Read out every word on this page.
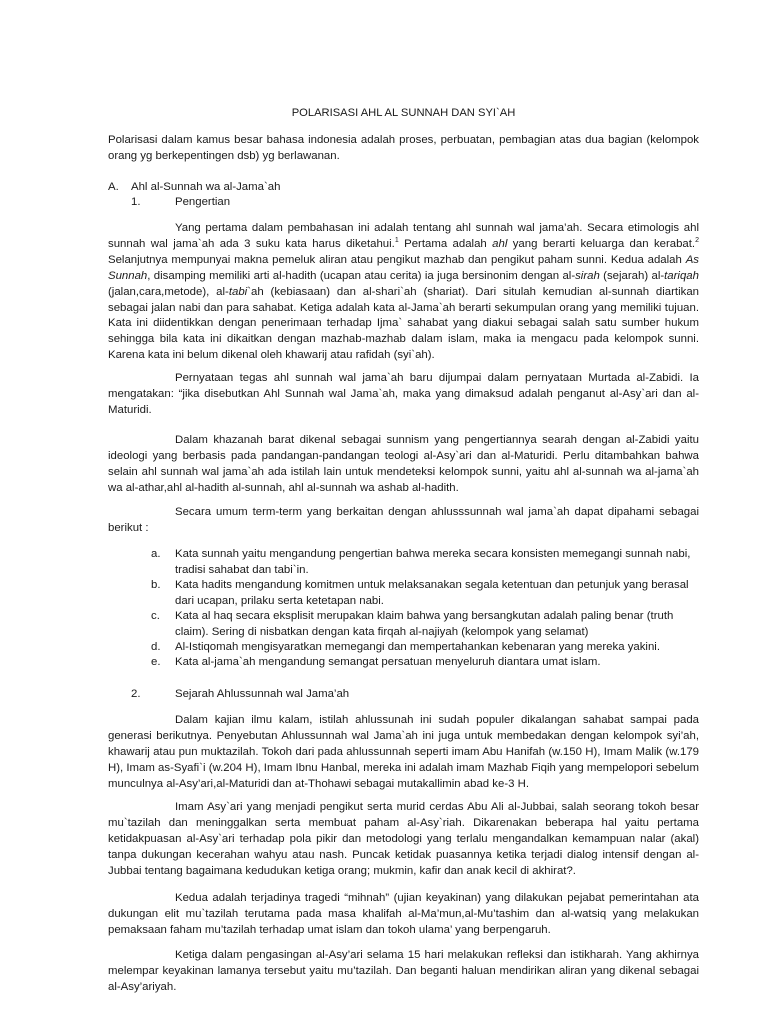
POLARISASI AHL AL SUNNAH DAN SYI`AH

Polarisasi dalam kamus besar bahasa indonesia adalah proses, perbuatan, pembagian atas dua bagian (kelompok orang yg berkepentingen dsb) yg berlawanan.

A. Ahl al-Sunnah wa al-Jama`ah
1.	Pengertian

Yang pertama dalam pembahasan ini adalah tentang ahl sunnah wal jama’ah. Secara etimologis ahl sunnah wal jama`ah ada 3 suku kata harus diketahui.$^1$ Pertama adalah ahl yang berarti keluarga dan kerabat.$^2$ Selanjutnya mempunyai makna pemeluk aliran atau pengikut mazhab dan pengikut paham sunni. Kedua adalah As Sunnah, disamping memiliki arti al-hadith (ucapan atau cerita) ia juga bersinonim dengan al-sirah (sejarah) al-tariqah (jalan,cara,metode), al-tabi`ah (kebiasaan) dan al-shari`ah (shariat). Dari situlah kemudian al-sunnah diartikan sebagai jalan nabi dan para sahabat. Ketiga adalah kata al-Jama`ah berarti sekumpulan orang yang memiliki tujuan. Kata ini diidentikkan dengan penerimaan terhadap Ijma` sahabat yang diakui sebagai salah satu sumber hukum sehingga bila kata ini dikaitkan dengan mazhab-mazhab dalam islam, maka ia mengacu pada kelompok sunni. Karena kata ini belum dikenal oleh khawarij atau rafidah (syi`ah).

Pernyataan tegas ahl sunnah wal jama`ah baru dijumpai dalam pernyataan Murtada al-Zabidi. Ia mengatakan: “jika disebutkan Ahl Sunnah wal Jama`ah, maka yang dimaksud adalah penganut al-Asy`ari dan al-Maturidi.

Dalam khazanah barat dikenal sebagai sunnism yang pengertiannya searah dengan al-Zabidi yaitu ideologi yang berbasis pada pandangan-pandangan teologi al-Asy`ari dan al-Maturidi. Perlu ditambahkan bahwa selain ahl sunnah wal jama`ah ada istilah lain untuk mendeteksi kelompok sunni, yaitu ahl al-sunnah wa al-jama`ah wa al-athar,ahl al-hadith al-sunnah, ahl al-sunnah wa ashab al-hadith.

Secara umum term-term yang berkaitan dengan ahlusssunnah wal jama`ah dapat dipahami sebagai berikut :

a. Kata sunnah yaitu mengandung pengertian bahwa mereka secara konsisten memegangi sunnah nabi, tradisi sahabat dan tabi`in.
b. Kata hadits mengandung komitmen untuk melaksanakan segala ketentuan dan petunjuk yang berasal dari ucapan, prilaku serta ketetapan nabi.
c. Kata al haq secara eksplisit merupakan klaim bahwa yang bersangkutan adalah paling benar (truth claim). Sering di nisbatkan dengan kata firqah al-najiyah (kelompok yang selamat)
d. Al-Istiqomah mengisyaratkan memegangi dan mempertahankan kebenaran yang mereka yakini.
e. Kata al-jama`ah mengandung semangat persatuan menyeluruh diantara umat islam.
2.	Sejarah Ahlussunnah wal Jama’ah

Dalam kajian ilmu kalam, istilah ahlussunah ini sudah populer dikalangan sahabat sampai pada generasi berikutnya. Penyebutan Ahlussunnah wal Jama`ah ini juga untuk membedakan dengan kelompok syi’ah, khawarij atau pun muktazilah. Tokoh dari pada ahlussunnah seperti imam Abu Hanifah (w.150 H), Imam Malik (w.179 H), Imam as-Syafi`i (w.204 H), Imam Ibnu Hanbal, mereka ini adalah imam Mazhab Fiqih yang mempelopori sebelum munculnya al-Asy’ari,al-Maturidi dan at-Thohawi sebagai mutakallimin abad ke-3 H.

Imam Asy`ari yang menjadi pengikut serta murid cerdas Abu Ali al-Jubbai, salah seorang tokoh besar mu`tazilah dan meninggalkan serta membuat paham al-Asy`riah. Dikarenakan beberapa hal yaitu pertama ketidakpuasan al-Asy`ari terhadap pola pikir dan metodologi yang terlalu mengandalkan kemampuan nalar (akal) tanpa dukungan kecerahan wahyu atau nash. Puncak ketidak puasannya ketika terjadi dialog intensif dengan al-Jubbai tentang bagaimana kedudukan ketiga orang; mukmin, kafir dan anak kecil di akhirat?.

Kedua adalah terjadinya tragedi “mihnah” (ujian keyakinan) yang dilakukan pejabat pemerintahan ata dukungan elit mu`tazilah terutama pada masa khalifah al-Ma’mun,al-Mu’tashim dan al-watsiq yang melakukan pemaksaan faham mu’tazilah terhadap umat islam dan tokoh ulama’ yang berpengaruh.

Ketiga dalam pengasingan al-Asy’ari selama 15 hari melakukan refleksi dan istikharah. Yang akhirnya melempar keyakinan lamanya tersebut yaitu mu’tazilah. Dan beganti haluan mendirikan aliran yang dikenal sebagai al-Asy’ariyah.
